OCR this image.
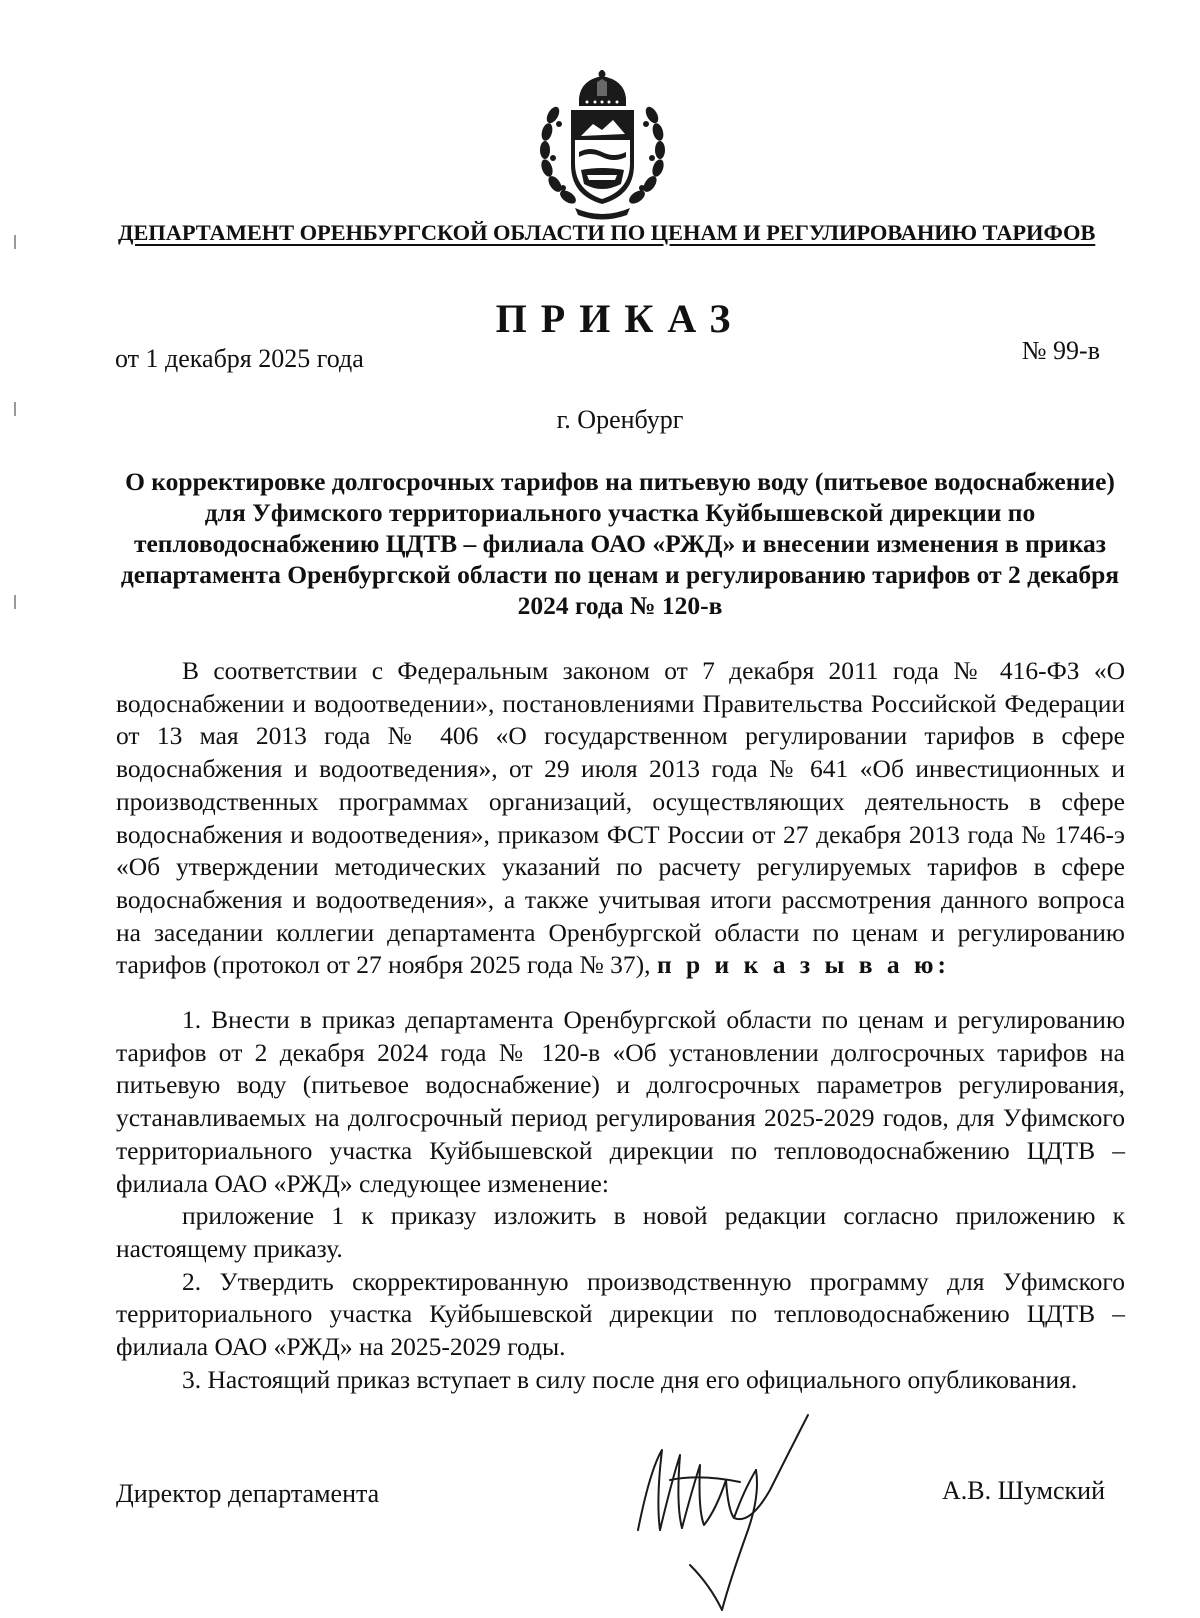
ДЕПАРТАМЕНТ ОРЕНБУРГСКОЙ ОБЛАСТИ ПО ЦЕНАМ И РЕГУЛИРОВАНИЮ ТАРИФОВ
ПРИКАЗ
от 1 декабря 2025 года	№ 99-в
г. Оренбург
О корректировке долгосрочных тарифов на питьевую воду (питьевое водоснабжение) для Уфимского территориального участка Куйбышевской дирекции по тепловодоснабжению ЦДТВ – филиала ОАО «РЖД» и внесении изменения в приказ департамента Оренбургской области по ценам и регулированию тарифов от 2 декабря 2024 года № 120-в

В соответствии с Федеральным законом от 7 декабря 2011 года № 416-ФЗ «О водоснабжении и водоотведении», постановлениями Правительства Российской Федерации от 13 мая 2013 года № 406 «О государственном регулировании тарифов в сфере водоснабжения и водоотведения», от 29 июля 2013 года № 641 «Об инвестиционных и производственных программах организаций, осуществляющих деятельность в сфере водоснабжения и водоотведения», приказом ФСТ России от 27 декабря 2013 года № 1746-э «Об утверждении методических указаний по расчету регулируемых тарифов в сфере водоснабжения и водоотведения», а также учитывая итоги рассмотрения данного вопроса на заседании коллегии департамента Оренбургской области по ценам и регулированию тарифов (протокол от 27 ноября 2025 года № 37), п р и к а з ы в а ю:

1. Внести в приказ департамента Оренбургской области по ценам и регулированию тарифов от 2 декабря 2024 года № 120-в «Об установлении долгосрочных тарифов на питьевую воду (питьевое водоснабжение) и долгосрочных параметров регулирования, устанавливаемых на долгосрочный период регулирования 2025-2029 годов, для Уфимского территориального участка Куйбышевской дирекции по тепловодоснабжению ЦДТВ – филиала ОАО «РЖД» следующее изменение:

приложение 1 к приказу изложить в новой редакции согласно приложению к настоящему приказу.

2. Утвердить скорректированную производственную программу для Уфимского территориального участка Куйбышевской дирекции по тепловодоснабжению ЦДТВ – филиала ОАО «РЖД» на 2025-2029 годы.

3. Настоящий приказ вступает в силу после дня его официального опубликования.

Директор департамента	А.В. Шумский
